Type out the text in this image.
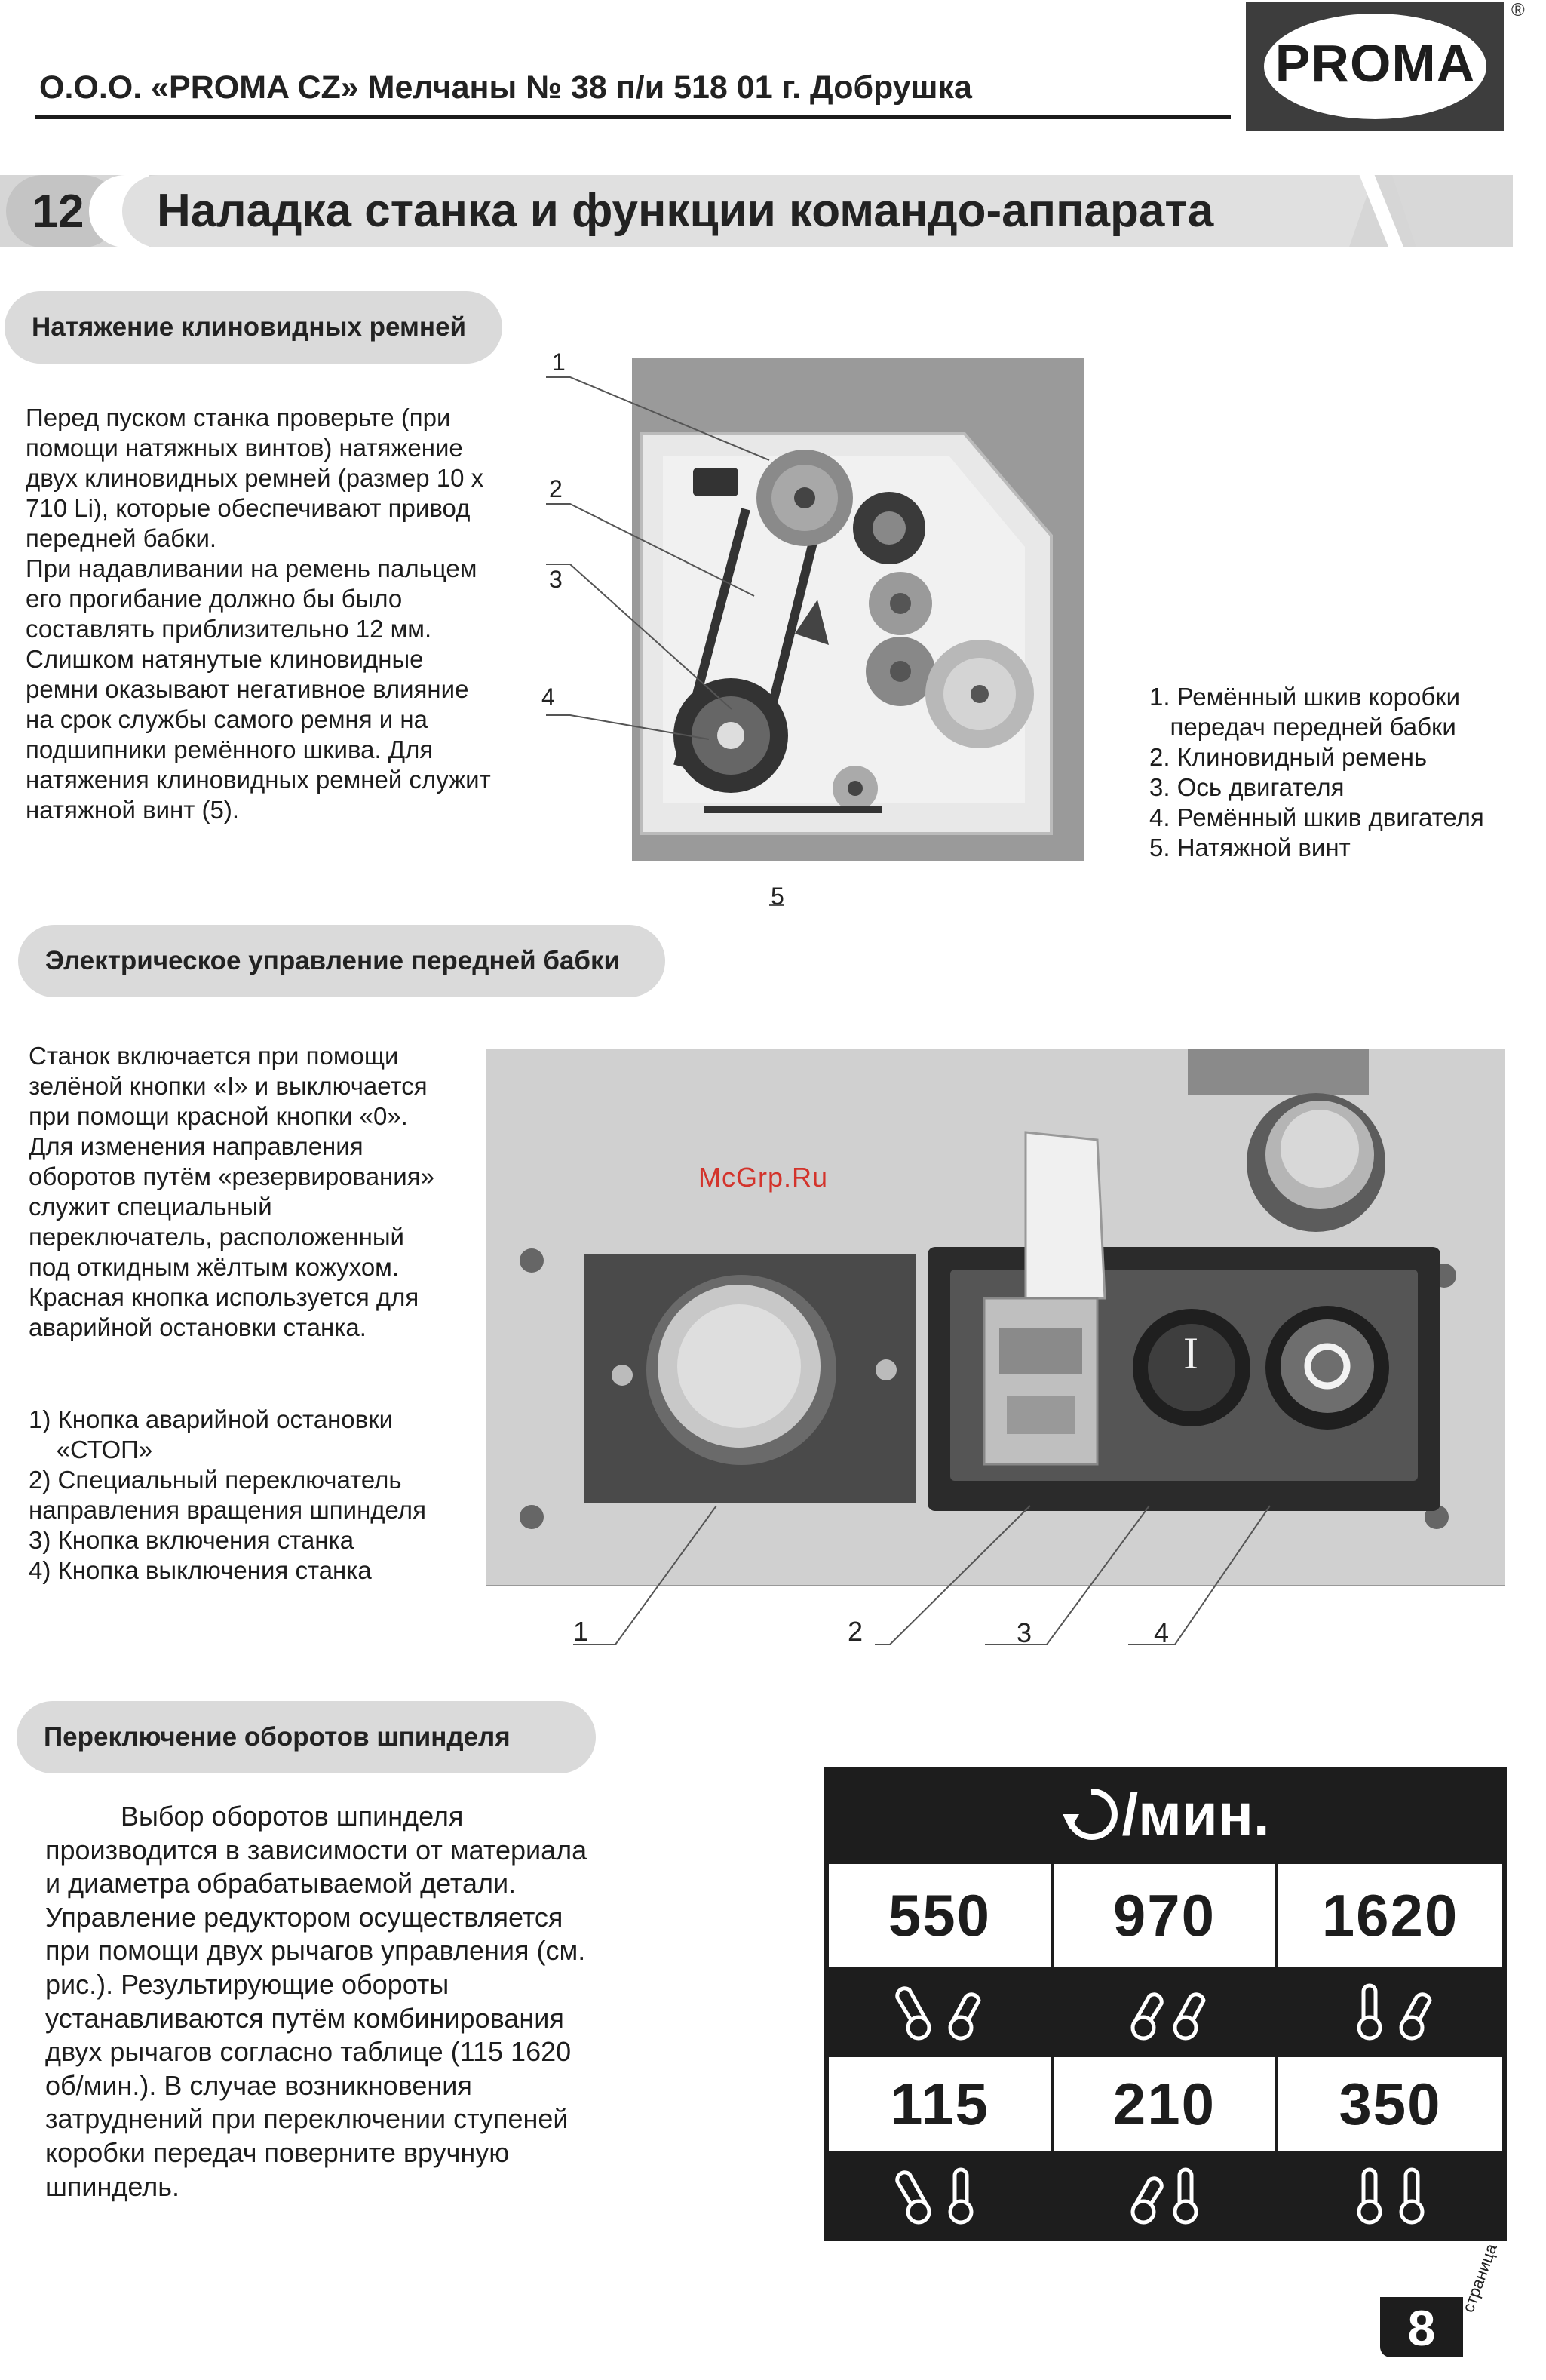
О.О.О. «PROMA CZ» Мелчаны № 38 п/и 518 01 г. Добрушка	PROMA
®
12	Наладка станка и функции командо-аппарата
Натяжение клиновидных ремней
Перед пуском станка проверьте (при
помощи натяжных винтов) натяжение
двух клиновидных ремней (размер 10 x
710 Li), которые обеспечивают привод
передней бабки.
При надавливании на ремень пальцем
его прогибание должно бы было
составлять приблизительно 12 мм.
Слишком натянутые клиновидные
ремни оказывают негативное влияние
на срок службы самого ремня и на
подшипники ремённого шкива. Для
натяжения клиновидных ремней служит
натяжной винт (5).
1
2
3
4
5
1. Ремённый шкив коробки
передач передней бабки
2. Клиновидный ремень
3. Ось двигателя
4. Ремённый шкив двигателя
5. Натяжной винт
Электрическое управление передней бабки
Станок включается при помощи
зелёной кнопки «I» и выключается
при помощи красной кнопки «0».
Для изменения направления
оборотов путём «резервирования»
служит специальный
переключатель, расположенный
под откидным жёлтым кожухом.
Красная кнопка используется для
аварийной остановки станка.
1) Кнопка аварийной остановки
«СТОП»
2) Специальный переключатель
направления вращения шпинделя
3) Кнопка включения станка
4) Кнопка выключения станка
I
McGrp.Ru
1	2	3	4
Переключение оборотов шпинделя
Выбор оборотов шпинделя
производится в зависимости от материала
и диаметра обрабатываемой детали.
Управление редуктором осуществляется
при помощи двух рычагов управления (см.
рис.). Результирующие обороты
устанавливаются путём комбинирования
двух рычагов согласно таблице (115 1620
об/мин.). В случае возникновения
затруднений при переключении ступеней
коробки передач поверните вручную
шпиндель.
/мин.
550	970	1620
115	210	350
8
страница
